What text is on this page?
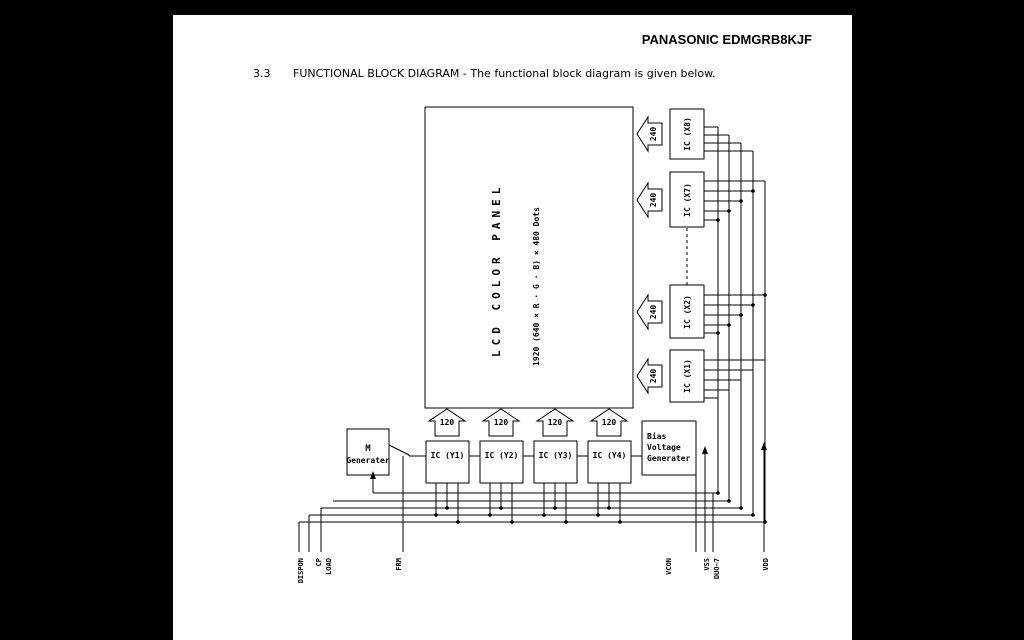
PANASONIC EDMGRB8KJF
3.3 FUNCTIONAL BLOCK DIAGRAM - The functional block diagram is given below.
LCD COLOR PANEL	1920 (640 × R · G · B) × 480 Dots
IC (X8)
IC (X7)
IC (X2)
IC (X1)
240
240
240
240
120	120	120	120
IC (Y1)	IC (Y2)	IC (Y3)	IC (Y4)
M
Generater
Bias
Voltage
Generater
DISPON CP LOAD	FRM	VCON	VSS DUO~7	VDD
